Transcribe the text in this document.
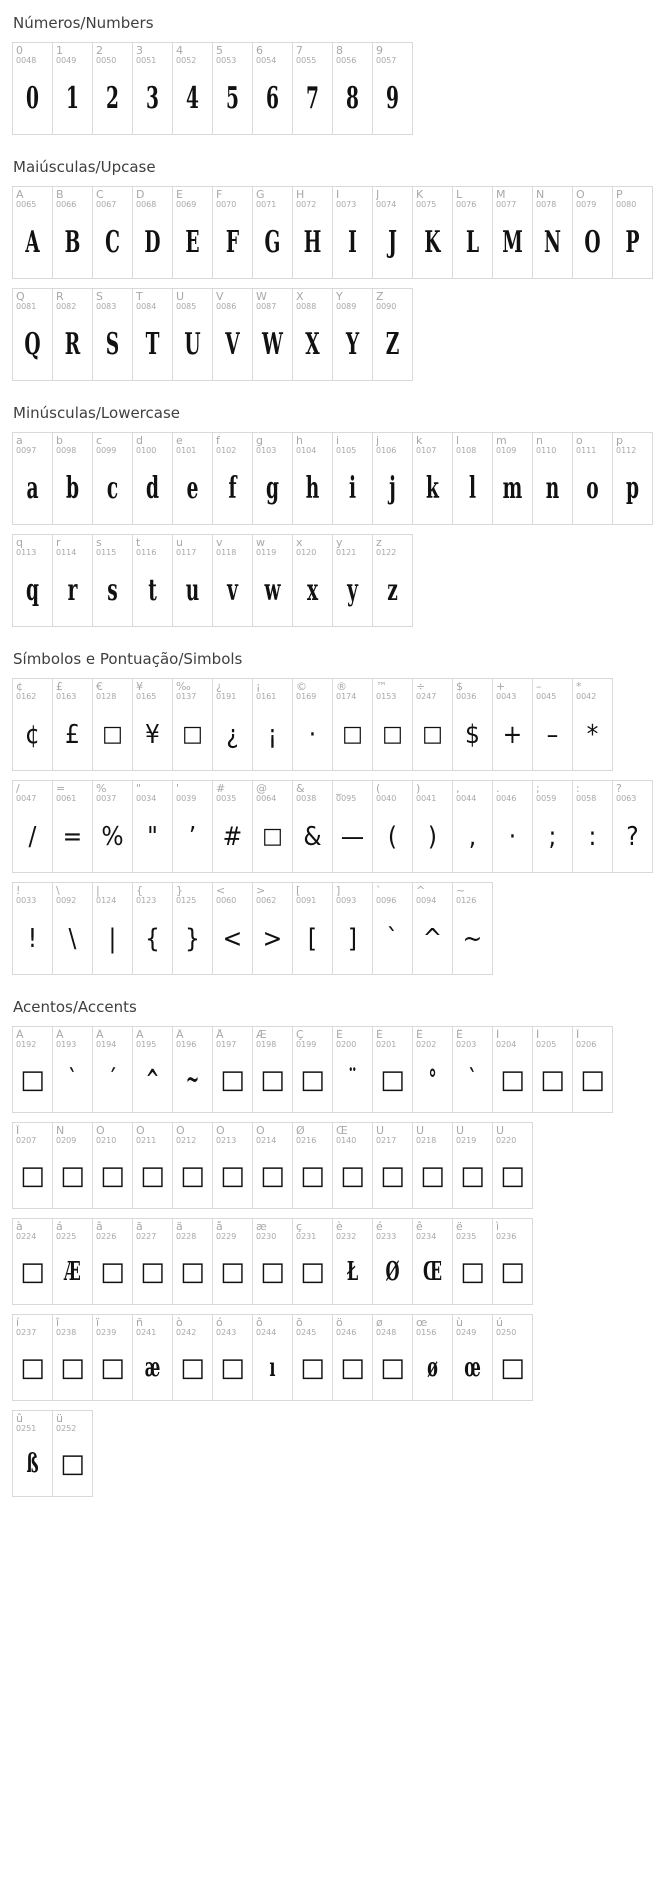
Números/Numbers
0
0048
0
1
0049
1
2
0050
2
3
0051
3
4
0052
4
5
0053
5
6
0054
6
7
0055
7
8
0056
8
9
0057
9
Maiúsculas/Upcase
A
0065
A
B
0066
B
C
0067
C
D
0068
D
E
0069
E
F
0070
F
G
0071
G
H
0072
H
I
0073
I
J
0074
J
K
0075
K
L
0076
L
M
0077
M
N
0078
N
O
0079
O
P
0080
P
Q
0081
Q
R
0082
R
S
0083
S
T
0084
T
U
0085
U
V
0086
V
W
0087
W
X
0088
X
Y
0089
Y
Z
0090
Z
Minúsculas/Lowercase
a
0097
a
b
0098
b
c
0099
c
d
0100
d
e
0101
e
f
0102
f
g
0103
g
h
0104
h
i
0105
i
j
0106
j
k
0107
k
l
0108
l
m
0109
m
n
0110
n
o
0111
o
p
0112
p
q
0113
q
r
0114
r
s
0115
s
t
0116
t
u
0117
u
v
0118
v
w
0119
w
x
0120
x
y
0121
y
z
0122
z
Símbolos e Pontuação/Simbols
¢
0162
¢
£
0163
£
€
0128
□
¥
0165
¥
‰
0137
□
¿
0191
¿
¡
0161
¡
©
0169
·
®
0174
□
™
0153
□
÷
0247
□
$
0036
$
+
0043
+
–
0045
–
*
0042
*
/
0047
/
=
0061
=
%
0037
%
"
0034
"
'
0039
’
#
0035
#
@
0064
□
&
0038
&
_
0095
—
(
0040
(
)
0041
)
,
0044
,
.
0046
·
;
0059
;
:
0058
:
?
0063
?
!
0033
!
\
0092
\
|
0124
|
{
0123
{
}
0125
}
<
0060
<
>
0062
>
[
0091
[
]
0093
]
`
0096
`
^
0094
^
~
0126
~
Acentos/Accents
À
0192
□
Á
0193
`
Â
0194
´
Ã
0195
^
Ä
0196
~
Å
0197
□
Æ
0198
□
Ç
0199
□
È
0200
¨
É
0201
□
Ê
0202
°
Ë
0203
`
Ì
0204
□
Í
0205
□
Î
0206
□
Ï
0207
□
Ñ
0209
□
Ò
0210
□
Ó
0211
□
Ô
0212
□
Õ
0213
□
Ö
0214
□
Ø
0216
□
Œ
0140
□
Ù
0217
□
Ú
0218
□
Û
0219
□
Ü
0220
□
à
0224
□
á
0225
Æ
â
0226
□
ã
0227
□
ä
0228
□
å
0229
□
æ
0230
□
ç
0231
□
è
0232
Ł
é
0233
Ø
ê
0234
Œ
ë
0235
□
ì
0236
□
í
0237
□
î
0238
□
ï
0239
□
ñ
0241
æ
ò
0242
□
ó
0243
□
ô
0244
ı
õ
0245
□
ö
0246
□
ø
0248
□
œ
0156
ø
ù
0249
œ
ú
0250
□
û
0251
ß
ü
0252
□
